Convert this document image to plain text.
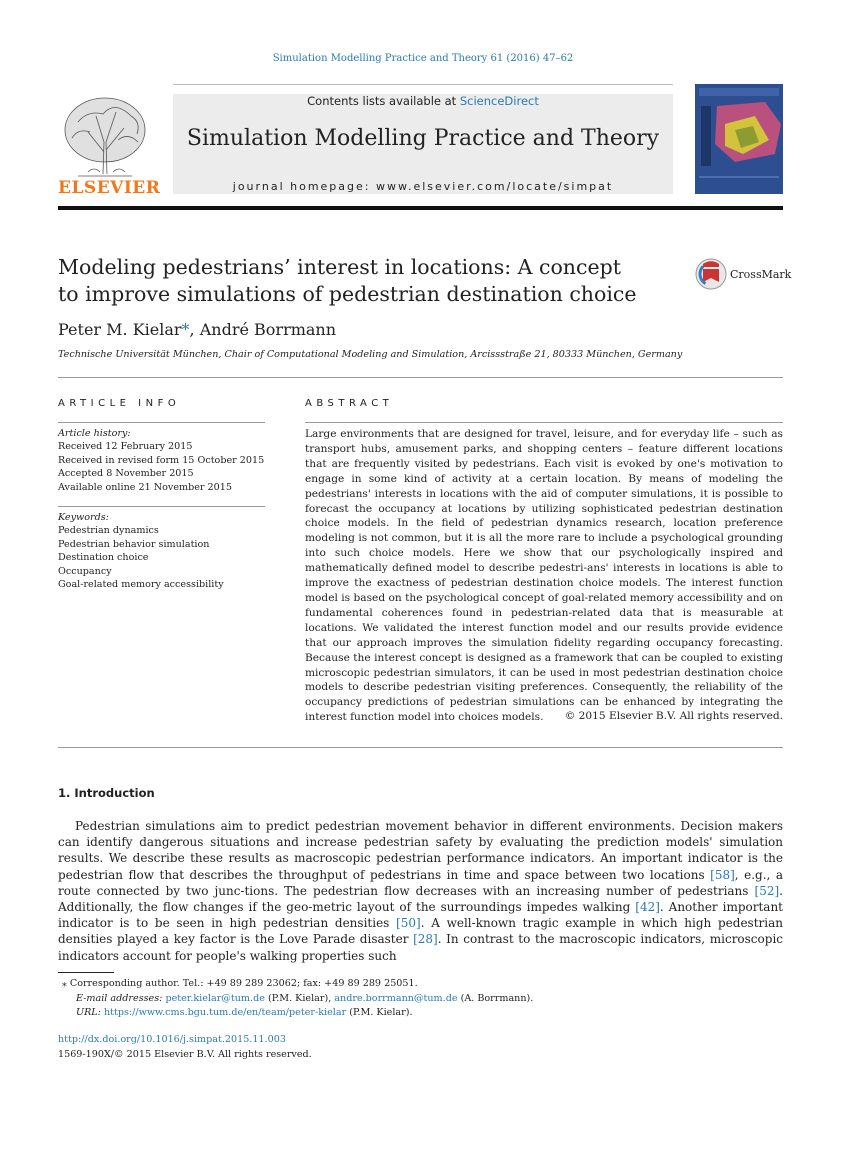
Simulation Modelling Practice and Theory 61 (2016) 47–62
ELSEVIER
Contents lists available at ScienceDirect
Simulation Modelling Practice and Theory
journal homepage: www.elsevier.com/locate/simpat
Modeling pedestrians’ interest in locations: A concept
to improve simulations of pedestrian destination choice
CrossMark
Peter M. Kielar*, André Borrmann
Technische Universität München, Chair of Computational Modeling and Simulation, Arcissstraße 21, 80333 München, Germany
ARTICLE INFO
Article history:
Received 12 February 2015
Received in revised form 15 October 2015
Accepted 8 November 2015
Available online 21 November 2015
Keywords:
Pedestrian dynamics
Pedestrian behavior simulation
Destination choice
Occupancy
Goal-related memory accessibility
ABSTRACT
Large environments that are designed for travel, leisure, and for everyday life – such as transport hubs, amusement parks, and shopping centers – feature different locations that are frequently visited by pedestrians. Each visit is evoked by one's motivation to engage in some kind of activity at a certain location. By means of modeling the pedestrians' interests in locations with the aid of computer simulations, it is possible to forecast the occupancy at locations by utilizing sophisticated pedestrian destination choice models. In the field of pedestrian dynamics research, location preference modeling is not common, but it is all the more rare to include a psychological grounding into such choice models. Here we show that our psychologically inspired and mathematically defined model to describe pedestri-ans' interests in locations is able to improve the exactness of pedestrian destination choice models. The interest function model is based on the psychological concept of goal-related memory accessibility and on fundamental coherences found in pedestrian-related data that is measurable at locations. We validated the interest function model and our results provide evidence that our approach improves the simulation fidelity regarding occupancy forecasting. Because the interest concept is designed as a framework that can be coupled to existing microscopic pedestrian simulators, it can be used in most pedestrian destination choice models to describe pedestrian visiting preferences. Consequently, the reliability of the occupancy predictions of pedestrian simulations can be enhanced by integrating the interest function model into choices models.	© 2015 Elsevier B.V. All rights reserved.
1. Introduction
Pedestrian simulations aim to predict pedestrian movement behavior in different environments. Decision makers can identify dangerous situations and increase pedestrian safety by evaluating the prediction models' simulation results. We describe these results as macroscopic pedestrian performance indicators. An important indicator is the pedestrian flow that describes the throughput of pedestrians in time and space between two locations [58], e.g., a route connected by two junc-tions. The pedestrian flow decreases with an increasing number of pedestrians [52]. Additionally, the flow changes if the geo-metric layout of the surroundings impedes walking [42]. Another important indicator is to be seen in high pedestrian densities [50]. A well-known tragic example in which high pedestrian densities played a key factor is the Love Parade disaster [28]. In contrast to the macroscopic indicators, microscopic indicators account for people's walking properties such
⁎ Corresponding author. Tel.: +49 89 289 23062; fax: +49 89 289 25051.
E-mail addresses: peter.kielar@tum.de (P.M. Kielar), andre.borrmann@tum.de (A. Borrmann).
URL: https://www.cms.bgu.tum.de/en/team/peter-kielar (P.M. Kielar).
http://dx.doi.org/10.1016/j.simpat.2015.11.003
1569-190X/© 2015 Elsevier B.V. All rights reserved.
